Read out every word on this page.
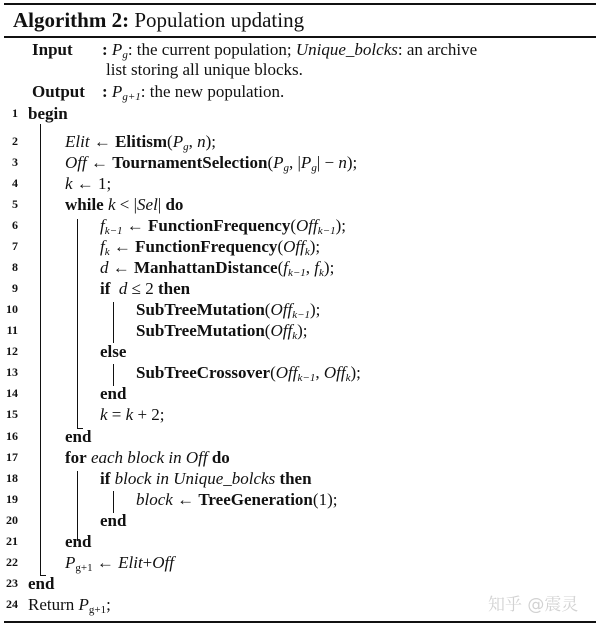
Algorithm 2: Population updating
Input : $P_g$: the current population; Unique_bolcks: an archive
list storing all unique blocks.
Output : $P_{g+1}$: the new population.
1 begin
2	Elit ← $Elitism(P_g$, n);
3	Off ← $TournamentSelection(P_g$, $|P_g| - n$);
4	k ← 1;
5	while k < |Sel| do
6	$f_{k-1}$ ← FunctionFrequency(Off$_{k-1}$);
7	$f_k$ ← FunctionFrequency(Off$_k$);
8	d ← $ManhattanDistance(f_{k-1}$, $f_k$);
9	if d ≤ 2 then
10	SubTreeMutation(Off$_{k-1}$);
11	SubTreeMutation(Off$_k$);
12	else
13	SubTreeCrossover(Off$_{k-1}$, Off$_k$);
14	end
15	k = k + 2;
16	end
17	for each block in Off do
18	if block in Unique_bolcks then
19	block ← TreeGeneration(1);
20	end
21	end
22	$P_{g+1}$ ← Elit+Off
23 end
24 Return $P_{g+1}$;	知乎 @震灵
